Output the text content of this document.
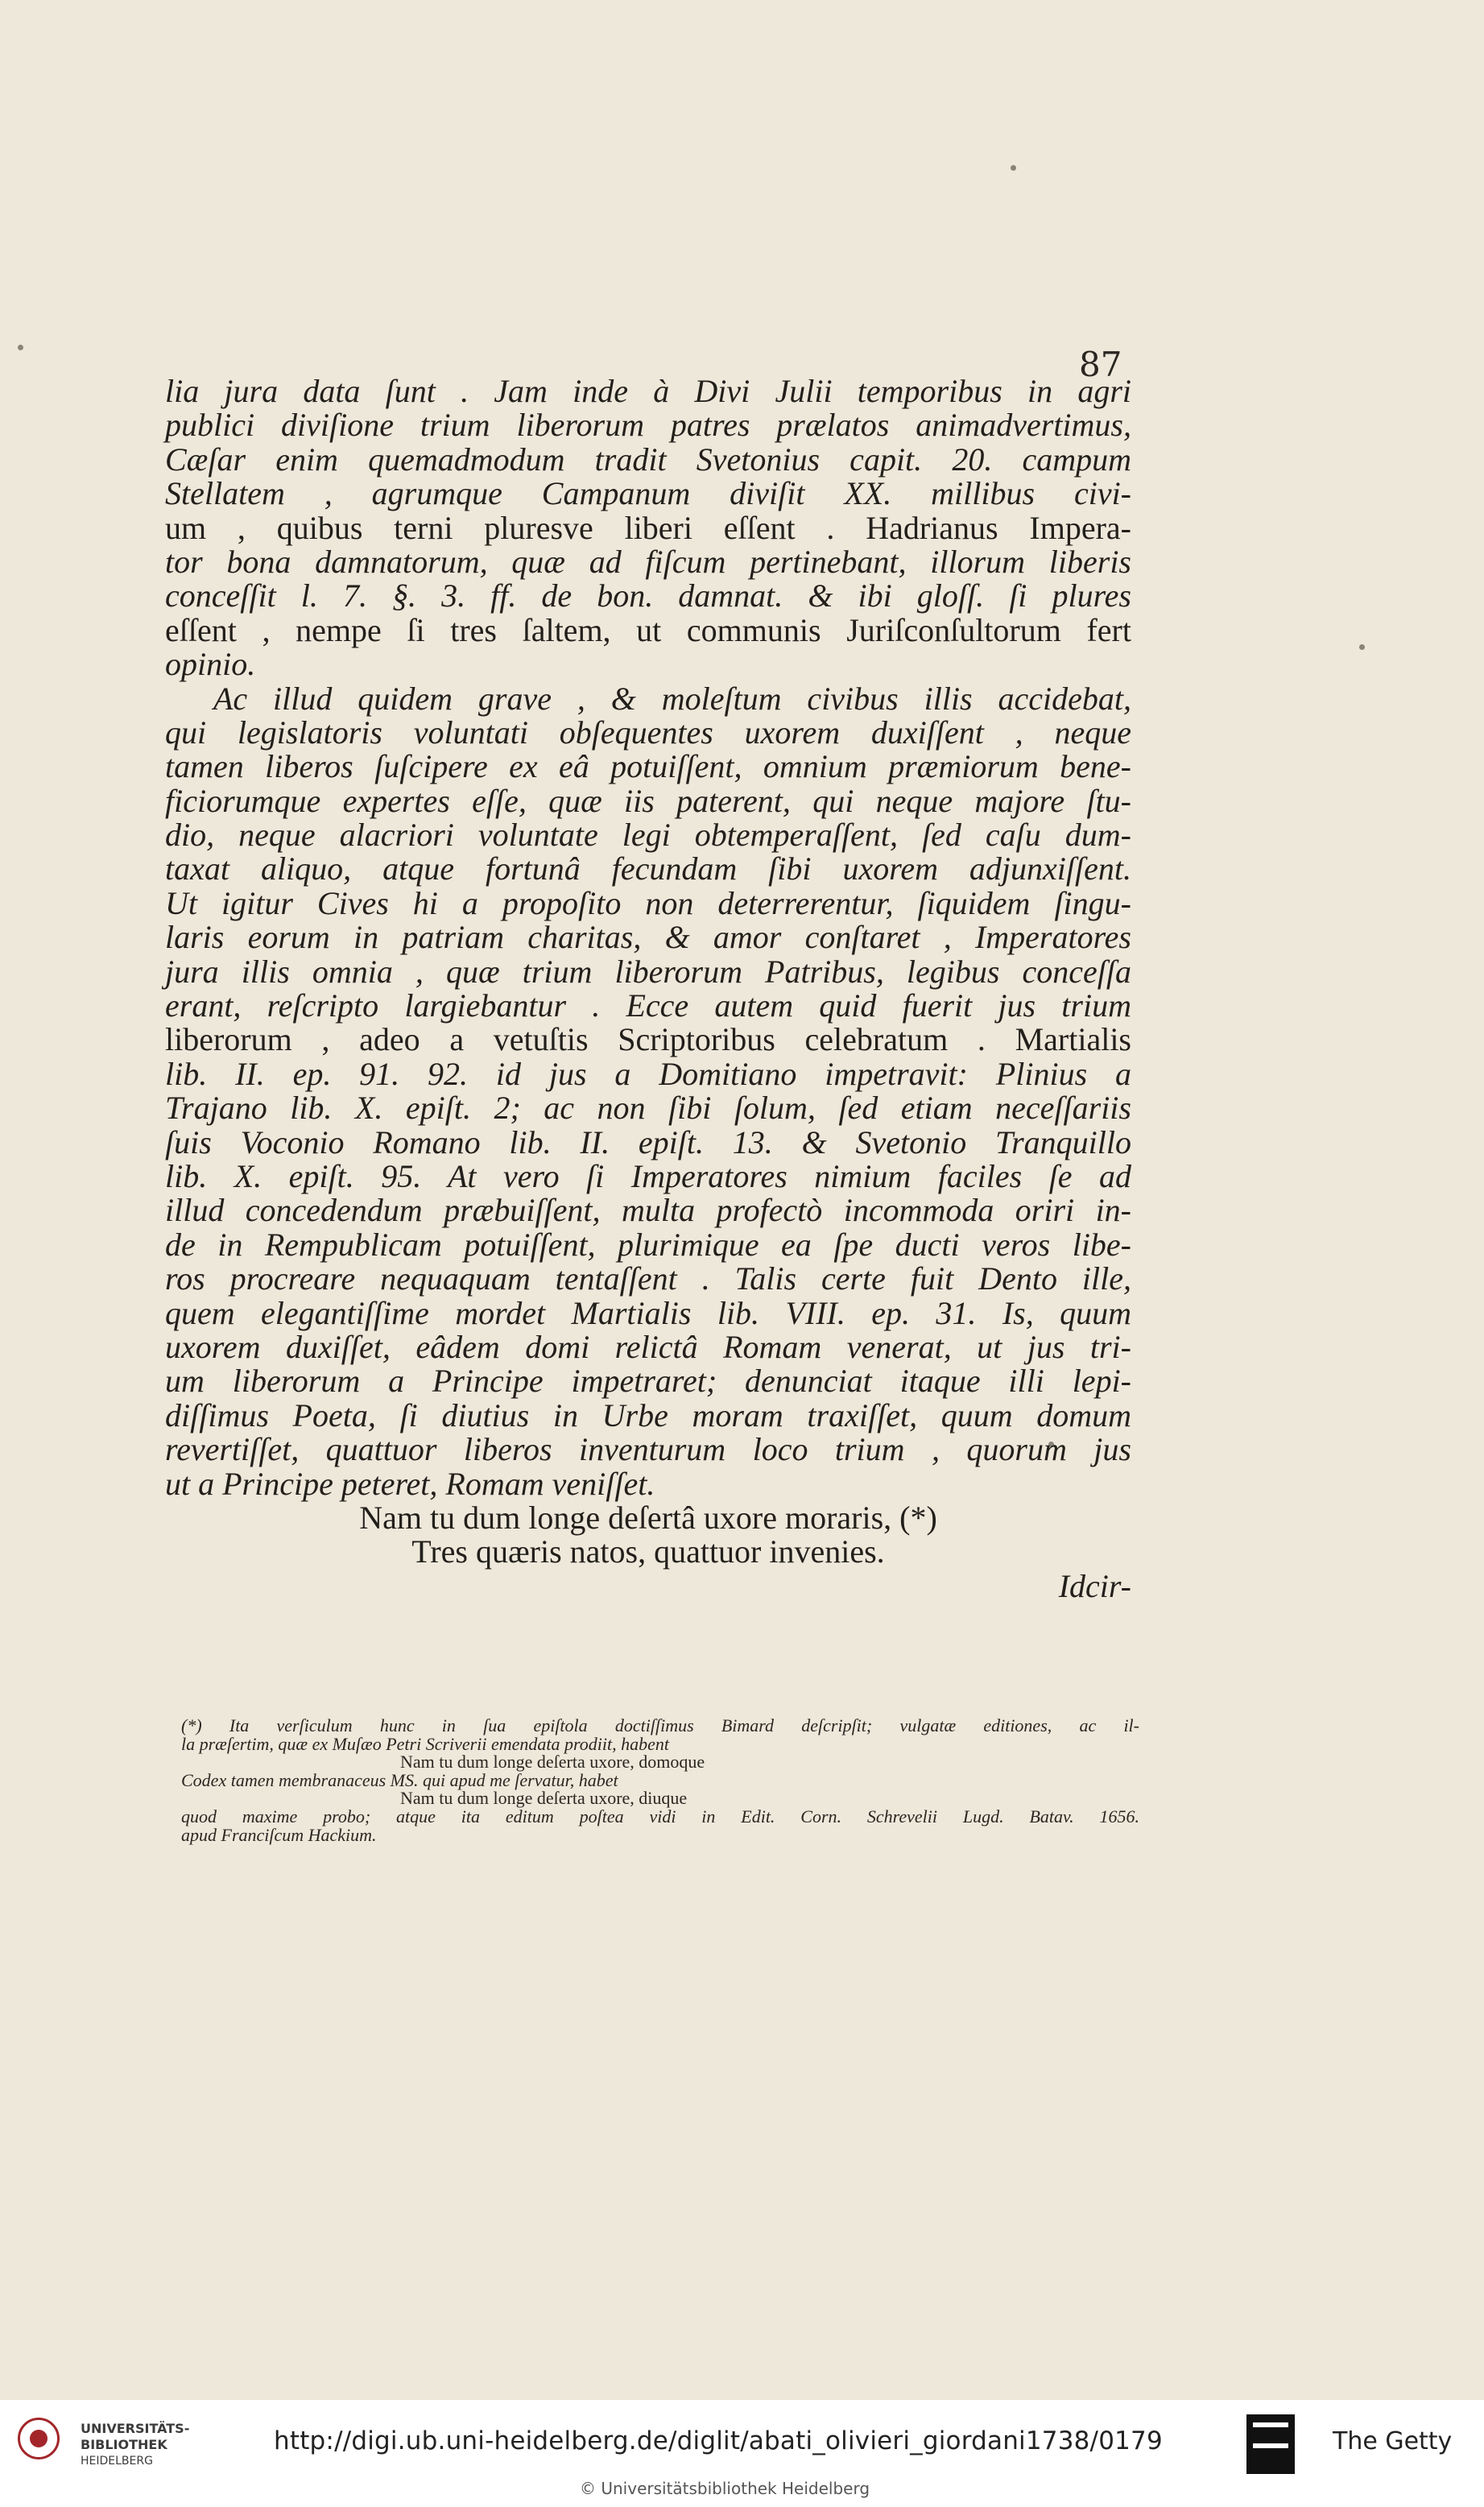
87
lia jura data ſunt . Jam inde à Divi Julii temporibus in agri
publici diviſione trium liberorum patres prælatos animadvertimus,
Cæſar enim quemadmodum tradit Svetonius capit. 20. campum
Stellatem , agrumque Campanum diviſit XX. millibus civi-
um , quibus terni pluresve liberi eſſent . Hadrianus Impera-
tor bona damnatorum, quæ ad fiſcum pertinebant, illorum liberis
conceſſit l. 7. §. 3. ff. de bon. damnat. & ibi gloſſ. ſi plures
eſſent , nempe ſi tres ſaltem, ut communis Juriſconſultorum fert
opinio.
Ac illud quidem grave , & moleſtum civibus illis accidebat,
qui legislatoris voluntati obſequentes uxorem duxiſſent , neque
tamen liberos ſuſcipere ex eâ potuiſſent, omnium præmiorum bene-
ficiorumque expertes eſſe, quæ iis paterent, qui neque majore ſtu-
dio, neque alacriori voluntate legi obtemperaſſent, ſed caſu dum-
taxat aliquo, atque fortunâ fecundam ſibi uxorem adjunxiſſent.
Ut igitur Cives hi a propoſito non deterrerentur, ſiquidem ſingu-
laris eorum in patriam charitas, & amor conſtaret , Imperatores
jura illis omnia , quæ trium liberorum Patribus, legibus conceſſa
erant, reſcripto largiebantur . Ecce autem quid fuerit jus trium
liberorum , adeo a vetuſtis Scriptoribus celebratum . Martialis
lib. II. ep. 91. 92. id jus a Domitiano impetravit: Plinius a
Trajano lib. X. epiſt. 2; ac non ſibi ſolum, ſed etiam neceſſariis
ſuis Voconio Romano lib. II. epiſt. 13. & Svetonio Tranquillo
lib. X. epiſt. 95. At vero ſi Imperatores nimium faciles ſe ad
illud concedendum præbuiſſent, multa profectò incommoda oriri in-
de in Rempublicam potuiſſent, plurimique ea ſpe ducti veros libe-
ros procreare nequaquam tentaſſent . Talis certe fuit Dento ille,
quem elegantiſſime mordet Martialis lib. VIII. ep. 31. Is, quum
uxorem duxiſſet, eâdem domi relictâ Romam venerat, ut jus tri-
um liberorum a Principe impetraret; denunciat itaque illi lepi-
diſſimus Poeta, ſi diutius in Urbe moram traxiſſet, quum domum
revertiſſet, quattuor liberos inventurum loco trium , quorum jus
ut a Principe peteret, Romam veniſſet.
Nam tu dum longe deſertâ uxore moraris, (*)
Tres quæris natos, quattuor invenies.
Idcir-
(*) Ita verſiculum hunc in ſua epiſtola doctiſſimus Bimard deſcripſit; vulgatæ editiones, ac il-
la præſertim, quæ ex Muſæo Petri Scriverii emendata prodiit, habent
Nam tu dum longe deſerta uxore, domoque
Codex tamen membranaceus MS. qui apud me ſervatur, habet
Nam tu dum longe deſerta uxore, diuque
quod maxime probo; atque ita editum poſtea vidi in Edit. Corn. Schrevelii Lugd. Batav. 1656.
apud Franciſcum Hackium.
UNIVERSITÄTS-
BIBLIOTHEK
HEIDELBERG
http://digi.ub.uni-heidelberg.de/diglit/abati_olivieri_giordani1738/0179
© Universitätsbibliothek Heidelberg
The Getty
